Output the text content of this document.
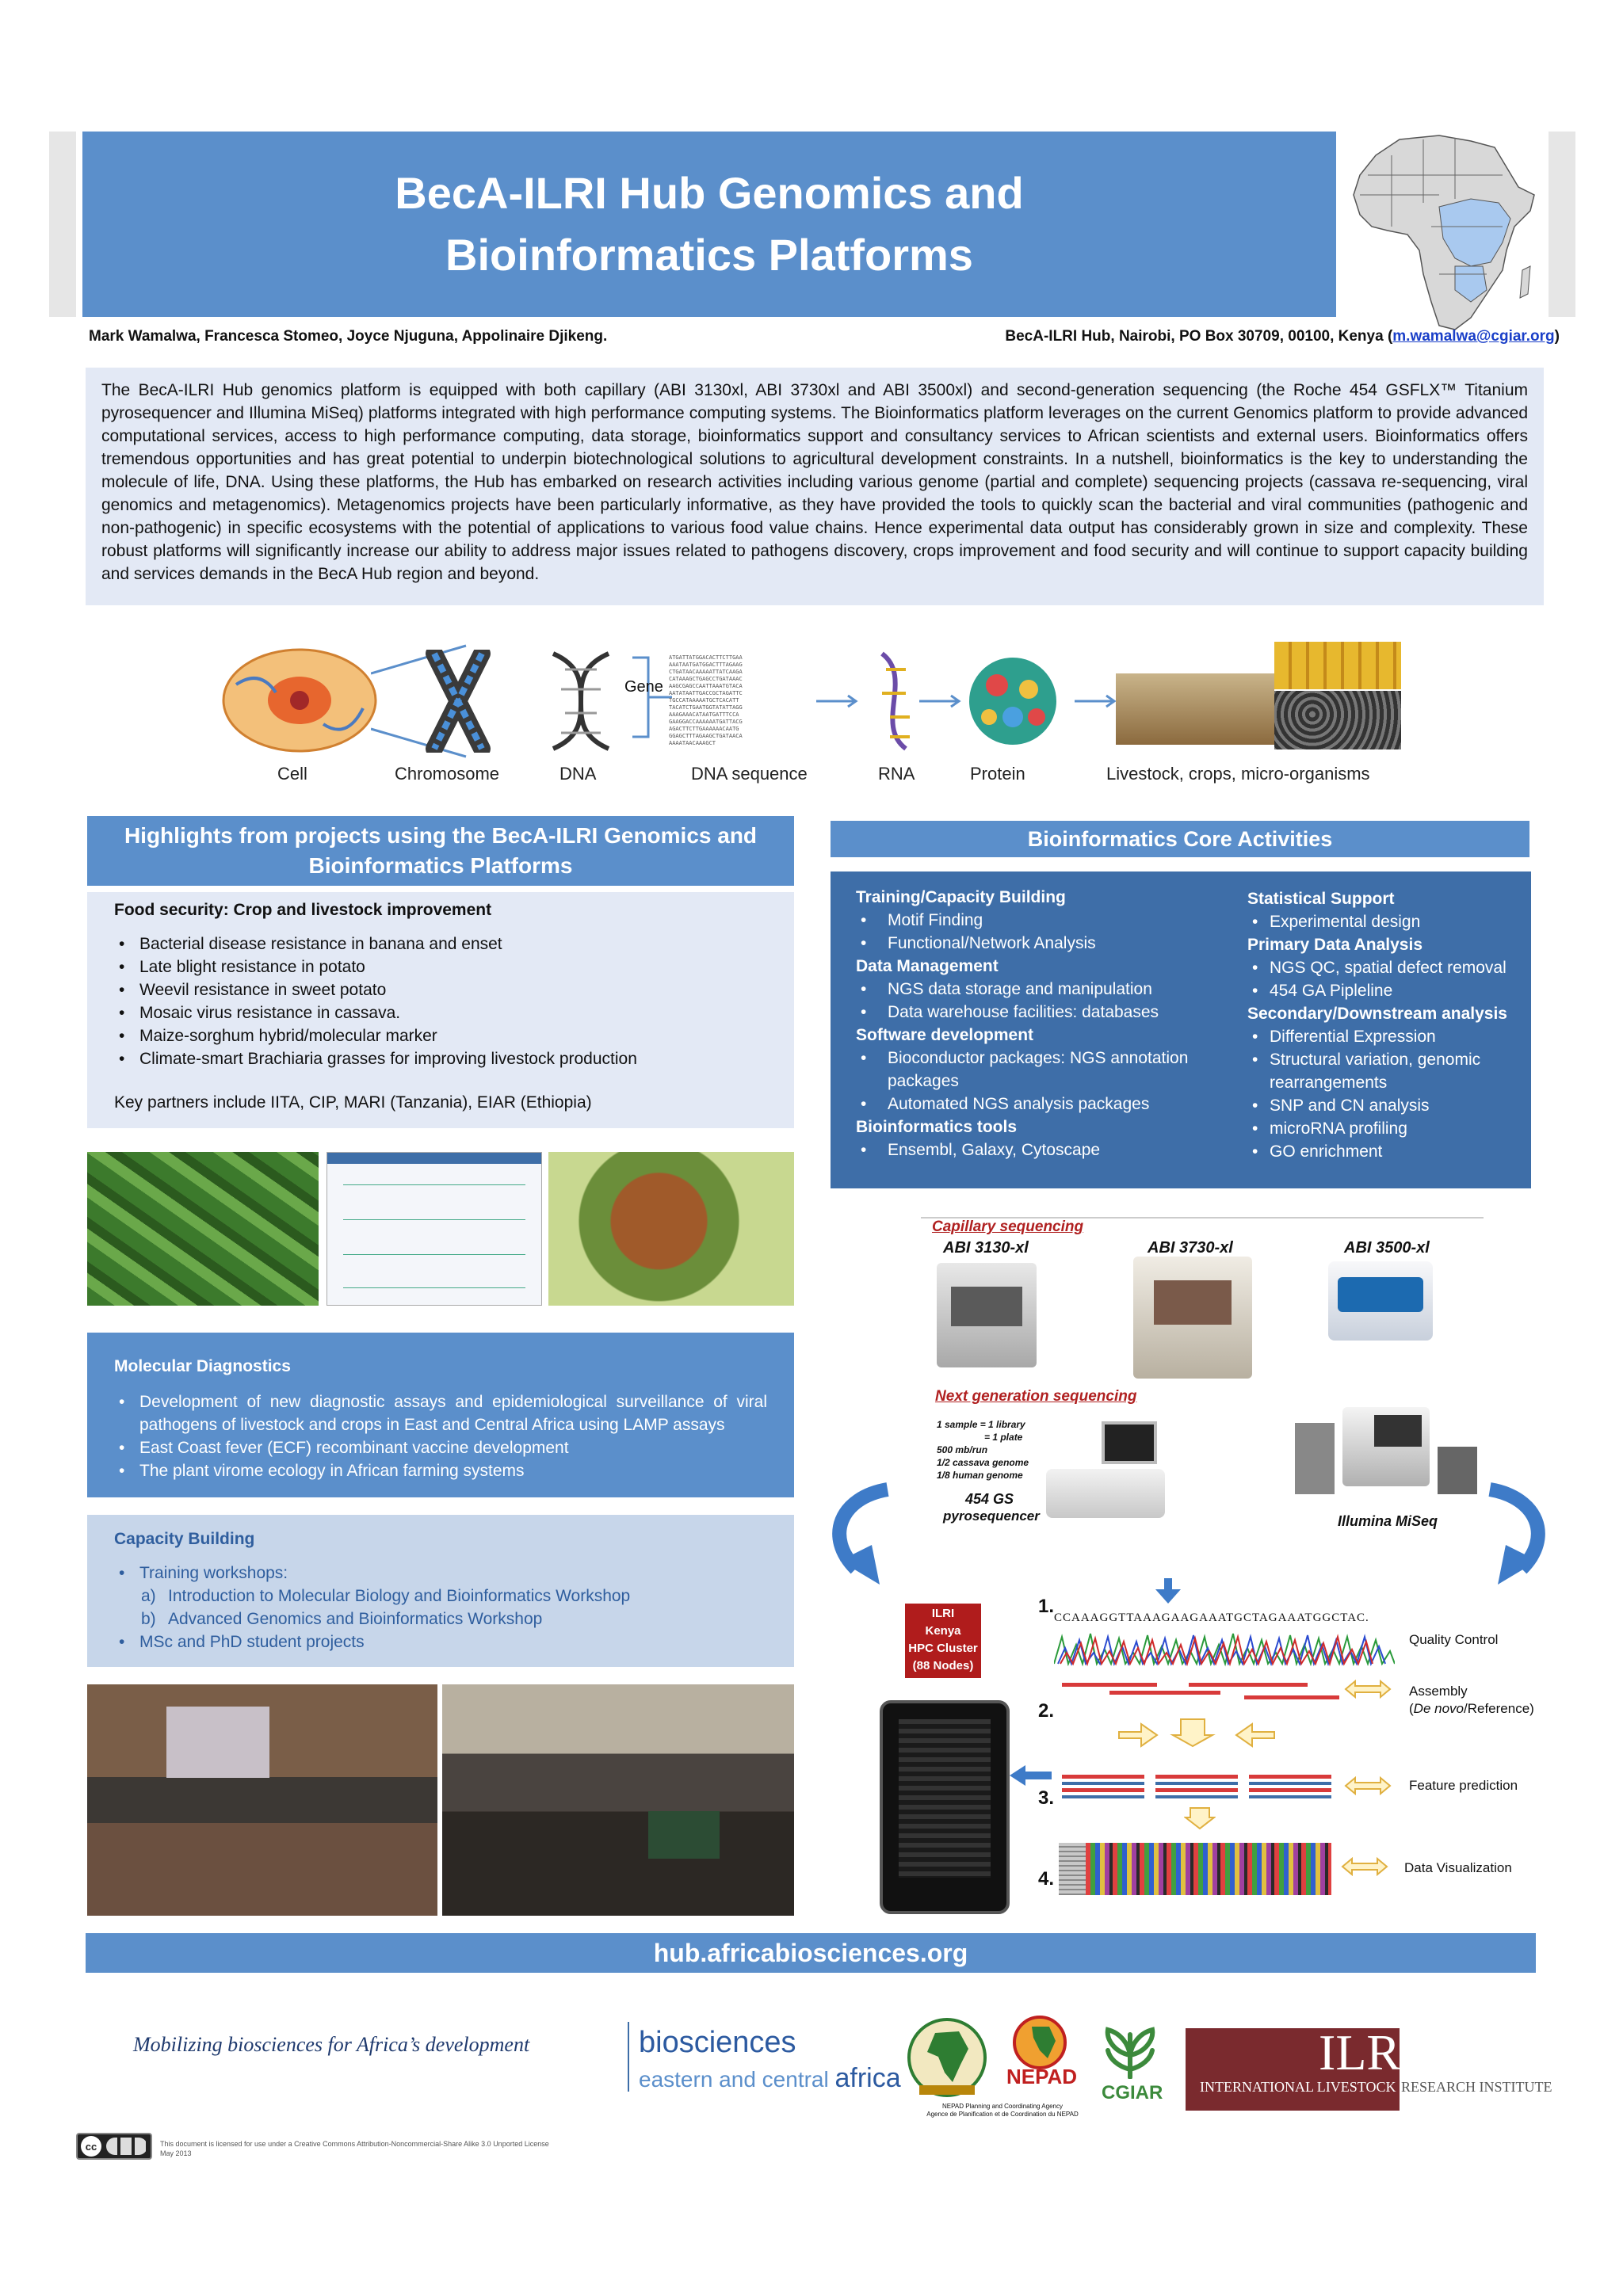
BecA-ILRI Hub Genomics and Bioinformatics Platforms
Mark Wamalwa, Francesca Stomeo, Joyce Njuguna, Appolinaire Djikeng.	BecA-ILRI Hub, Nairobi, PO Box 30709, 00100, Kenya (m.wamalwa@cgiar.org)
The BecA-ILRI Hub genomics platform is equipped with both capillary (ABI 3130xl, ABI 3730xl and ABI 3500xl) and second-generation sequencing (the Roche 454 GSFLX™ Titanium pyrosequencer and Illumina MiSeq) platforms integrated with high performance computing systems. The Bioinformatics platform leverages on the current Genomics platform to provide advanced computational services, access to high performance computing, data storage, bioinformatics support and consultancy services to African scientists and external users. Bioinformatics offers tremendous opportunities and has great potential to underpin biotechnological solutions to agricultural development constraints. In a nutshell, bioinformatics is the key to understanding the molecule of life, DNA. Using these platforms, the Hub has embarked on research activities including various genome (partial and complete) sequencing projects (cassava re-sequencing, viral genomics and metagenomics). Metagenomics projects have been particularly informative, as they have provided the tools to quickly scan the bacterial and viral communities (pathogenic and non-pathogenic) in specific ecosystems with the potential of applications to various food value chains. Hence experimental data output has considerably grown in size and complexity. These robust platforms will significantly increase our ability to address major issues related to pathogens discovery, crops improvement and food security and will continue to support capacity building and services demands in the BecA Hub region and beyond.
Gene
ATGATTATGGACACTTCTTGAA
AAATAATGATGGACTTTAGAAG
CTGATAACAAAAATTATCAAGA
CATAAAGCTGAGCCTGATAAAC
AAGCGAGCCAATTAAATGTACA
AATATAATTGACCGCTAGATTC
TGCCATAAAAATGCTCACATT
TACATCTGAATGGTATATTAGG
AAAGAAACATAATGATTTCCA
GAAGGACCAAAAAATGATTACG
AGACTTCTTGAAAAAACAATG
GGAGCTTTAGAAGCTGATAACA
AAAATAACAAAGCT
Cell	Chromosome	DNA	DNA sequence	RNA	Protein	Livestock, crops, micro-organisms
Highlights from projects using the BecA-ILRI Genomics and Bioinformatics Platforms
Food security: Crop and livestock improvement
• Bacterial disease resistance in banana and enset
• Late blight resistance in potato
• Weevil resistance in sweet potato
• Mosaic virus resistance in cassava.
• Maize-sorghum hybrid/molecular marker
• Climate-smart Brachiaria grasses for improving livestock production
Key partners include IITA, CIP, MARI (Tanzania), EIAR (Ethiopia)
Molecular Diagnostics
• Development of new diagnostic assays and epidemiological surveillance of viral pathogens of livestock and crops in East and Central Africa using LAMP assays
• East Coast fever (ECF) recombinant vaccine development
• The plant virome ecology in African farming systems
Capacity Building
• Training workshops:
a) Introduction to Molecular Biology and Bioinformatics Workshop
b) Advanced Genomics and Bioinformatics Workshop
• MSc and PhD student projects
Bioinformatics Core Activities
Training/Capacity Building
• Motif Finding
• Functional/Network Analysis
Data Management
• NGS data storage and manipulation
• Data warehouse facilities: databases
Software development
• Bioconductor packages: NGS annotation packages
• Automated NGS analysis packages
Bioinformatics tools
• Ensembl, Galaxy, Cytoscape
Statistical Support
• Experimental design
Primary Data Analysis
• NGS QC, spatial defect removal
• 454 GA Pipleline
Secondary/Downstream analysis
• Differential Expression
• Structural variation, genomic rearrangements
• SNP and CN analysis
• microRNA profiling
• GO enrichment
Capillary sequencing
ABI 3130-xl	ABI 3730-xl	ABI 3500-xl
Next generation sequencing
1 sample = 1 library
= 1 plate
500 mb/run
1/2 cassava genome
1/8 human genome
454 GS
pyrosequencer	Illumina MiSeq
ILRI
Kenya
HPC Cluster
(88 Nodes)
1.
CCAAAGGTTAAAGAAGAAATGCTAGAAATGGCTAC.
Quality Control
Assembly
(De novo/Reference)
2.
3.
Feature prediction
4.
Data Visualization
hub.africabiosciences.org
Mobilizing biosciences for Africa’s development	biosciences
eastern and central africa	NEPAD
NEPAD Planning and Coordinating Agency
Agence de Planification et de Coordination du NEPAD
CGIAR
ILRI
INTERNATIONAL LIVESTOCK RESEARCH INSTITUTE
cc	This document is licensed for use under a Creative Commons Attribution-Noncommercial-Share Alike 3.0 Unported License
May 2013
